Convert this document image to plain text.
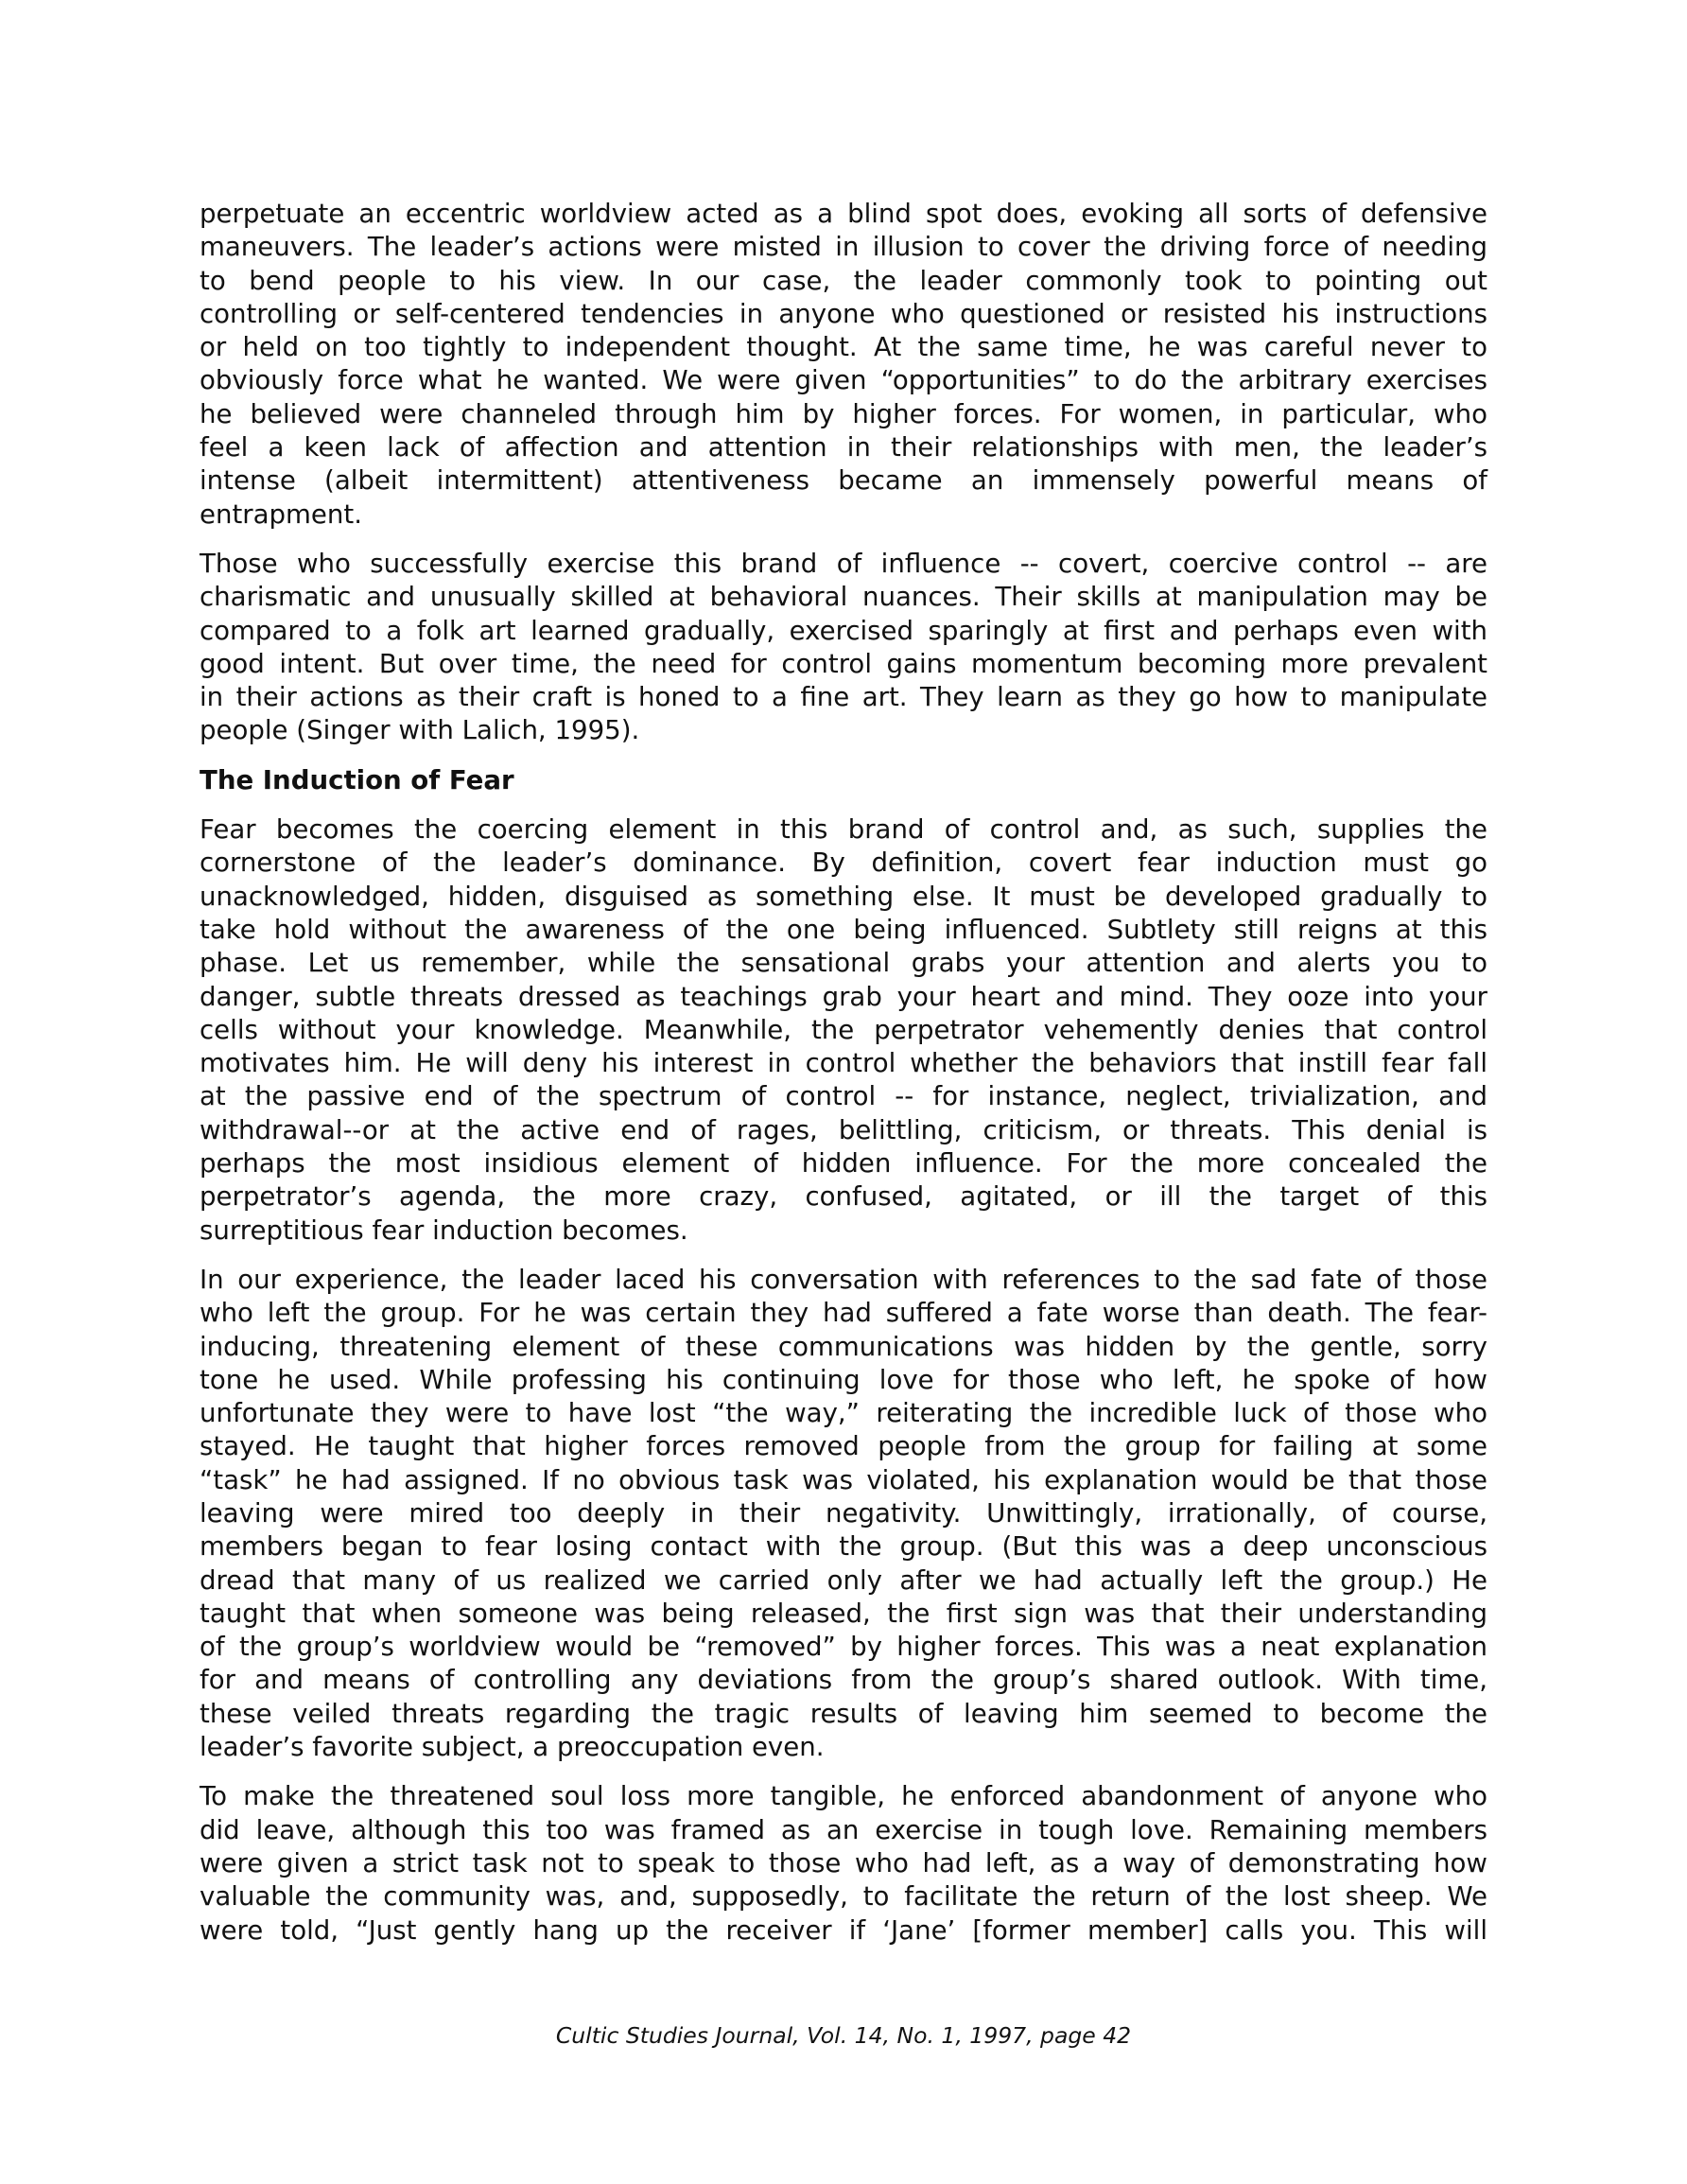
perpetuate an eccentric worldview acted as a blind spot does, evoking all sorts of defensive
maneuvers. The leader’s actions were misted in illusion to cover the driving force of needing
to bend people to his view. In our case, the leader commonly took to pointing out
controlling or self-centered tendencies in anyone who questioned or resisted his instructions
or held on too tightly to independent thought. At the same time, he was careful never to
obviously force what he wanted. We were given “opportunities” to do the arbitrary exercises
he believed were channeled through him by higher forces. For women, in particular, who
feel a keen lack of affection and attention in their relationships with men, the leader’s
intense (albeit intermittent) attentiveness became an immensely powerful means of
entrapment.
Those who successfully exercise this brand of influence -- covert, coercive control -- are
charismatic and unusually skilled at behavioral nuances. Their skills at manipulation may be
compared to a folk art learned gradually, exercised sparingly at first and perhaps even with
good intent. But over time, the need for control gains momentum becoming more prevalent
in their actions as their craft is honed to a fine art. They learn as they go how to manipulate
people (Singer with Lalich, 1995).
The Induction of Fear
Fear becomes the coercing element in this brand of control and, as such, supplies the
cornerstone of the leader’s dominance. By definition, covert fear induction must go
unacknowledged, hidden, disguised as something else. It must be developed gradually to
take hold without the awareness of the one being influenced. Subtlety still reigns at this
phase. Let us remember, while the sensational grabs your attention and alerts you to
danger, subtle threats dressed as teachings grab your heart and mind. They ooze into your
cells without your knowledge. Meanwhile, the perpetrator vehemently denies that control
motivates him. He will deny his interest in control whether the behaviors that instill fear fall
at the passive end of the spectrum of control -- for instance, neglect, trivialization, and
withdrawal--or at the active end of rages, belittling, criticism, or threats. This denial is
perhaps the most insidious element of hidden influence. For the more concealed the
perpetrator’s agenda, the more crazy, confused, agitated, or ill the target of this
surreptitious fear induction becomes.
In our experience, the leader laced his conversation with references to the sad fate of those
who left the group. For he was certain they had suffered a fate worse than death. The fear-
inducing, threatening element of these communications was hidden by the gentle, sorry
tone he used. While professing his continuing love for those who left, he spoke of how
unfortunate they were to have lost “the way,” reiterating the incredible luck of those who
stayed. He taught that higher forces removed people from the group for failing at some
“task” he had assigned. If no obvious task was violated, his explanation would be that those
leaving were mired too deeply in their negativity. Unwittingly, irrationally, of course,
members began to fear losing contact with the group. (But this was a deep unconscious
dread that many of us realized we carried only after we had actually left the group.) He
taught that when someone was being released, the first sign was that their understanding
of the group’s worldview would be “removed” by higher forces. This was a neat explanation
for and means of controlling any deviations from the group’s shared outlook. With time,
these veiled threats regarding the tragic results of leaving him seemed to become the
leader’s favorite subject, a preoccupation even.
To make the threatened soul loss more tangible, he enforced abandonment of anyone who
did leave, although this too was framed as an exercise in tough love. Remaining members
were given a strict task not to speak to those who had left, as a way of demonstrating how
valuable the community was, and, supposedly, to facilitate the return of the lost sheep. We
were told, “Just gently hang up the receiver if ‘Jane’ [former member] calls you. This will
Cultic Studies Journal, Vol. 14, No. 1, 1997, page 42
